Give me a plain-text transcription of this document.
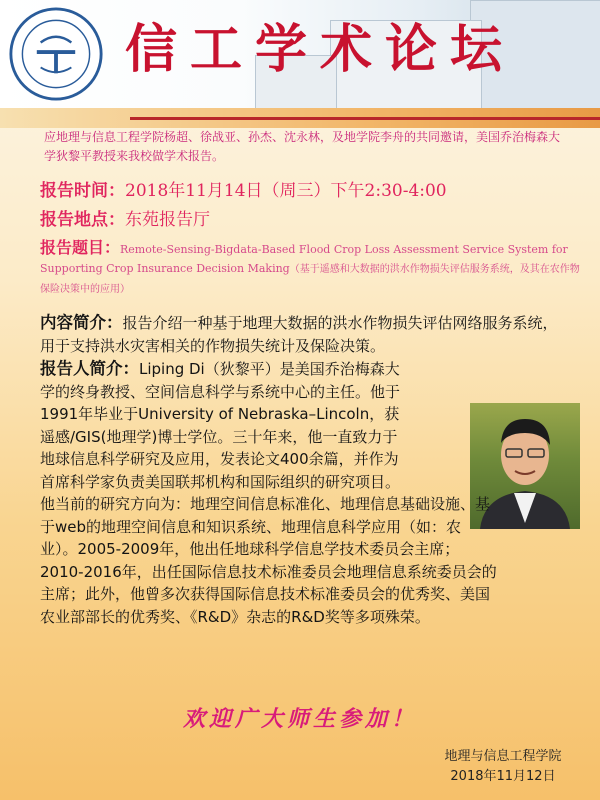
信工学术论坛
应地理与信息工程学院杨超、徐战亚、孙杰、沈永林，及地学院李舟的共同邀请，美国乔治梅森大学狄黎平教授来我校做学术报告。
报告时间：2018年11月14日（周三）下午2:30-4:00
报告地点：东苑报告厅
报告题目：Remote-Sensing-Bigdata-Based Flood Crop Loss Assessment Service System for Supporting Crop Insurance Decision Making（基于遥感和大数据的洪水作物损失评估服务系统，及其在农作物保险决策中的应用）
内容简介：报告介绍一种基于地理大数据的洪水作物损失评估网络服务系统，用于支持洪水灾害相关的作物损失统计及保险决策。
报告人简介：Liping Di（狄黎平）是美国乔治梅森大
学的终身教授、空间信息科学与系统中心的主任。他于
1991年毕业于University of Nebraska–Lincoln，获
遥感/GIS(地理学)博士学位。三十年来，他一直致力于
地球信息科学研究及应用，发表论文400余篇，并作为
首席科学家负责美国联邦机构和国际组织的研究项目。
他当前的研究方向为：地理空间信息标准化、地理信息基础设施、基
于web的地理空间信息和知识系统、地理信息科学应用（如：农
业）。2005-2009年，他出任地球科学信息学技术委员会主席；
2010-2016年，出任国际信息技术标准委员会地理信息系统委员会的
主席；此外，他曾多次获得国际信息技术标准委员会的优秀奖、美国
农业部部长的优秀奖、《R&D》杂志的R&D奖等多项殊荣。
欢迎广大师生参加！
地理与信息工程学院
2018年11月12日
